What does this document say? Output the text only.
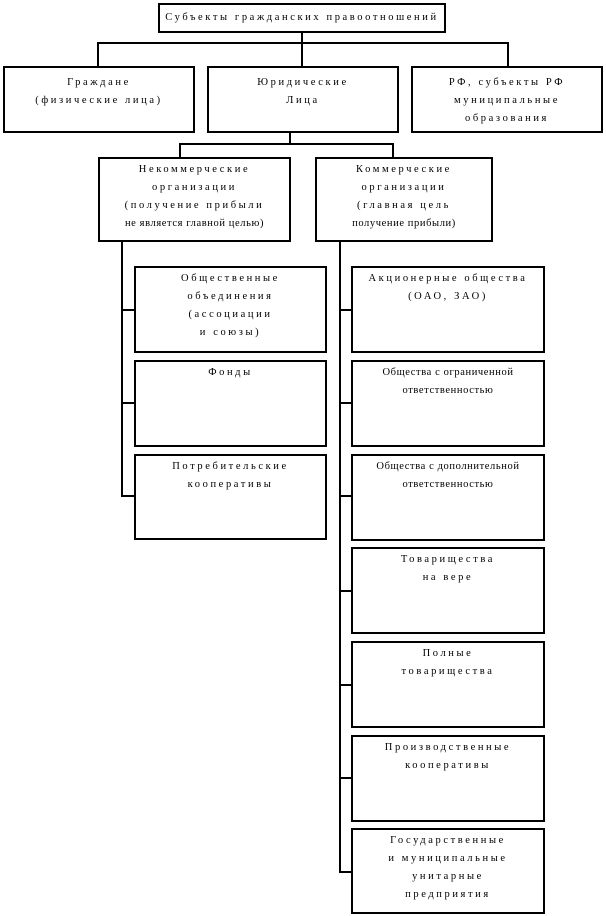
Субъекты гражданских правоотношений
Граждане
(физические лица)
Юридические
Лица
РФ, субъекты РФ
муниципальные
образования
Некоммерческие
организации
(получение прибыли
не является главной целью)
Коммерческие
организации
(главная цель
получение прибыли)
Общественные
объединения
(ассоциации
и союзы)
Фонды
Потребительские
кооперативы
Акционерные общества
(ОАО, ЗАО)
Общества с ограниченной
ответственностью
Общества с дополнительной
ответственностью
Товарищества
на вере
Полные
товарищества
Производственные
кооперативы
Государственные
и муниципальные
унитарные
предприятия
